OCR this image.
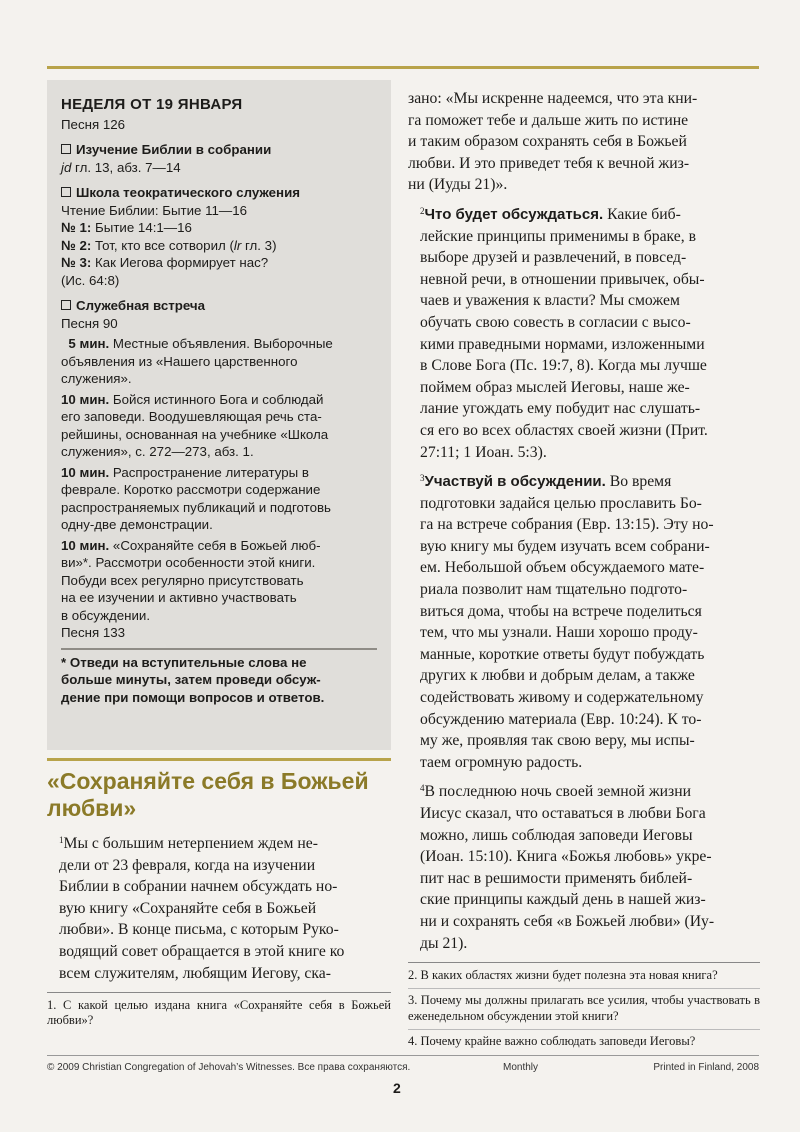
НЕДЕЛЯ ОТ 19 ЯНВАРЯ
Песня 126
Изучение Библии в собрании
jd гл. 13, абз. 7—14
Школа теократического служения
Чтение Библии: Бытие 11—16
№ 1: Бытие 14:1—16
№ 2: Тот, кто все сотворил (lr гл. 3)
№ 3: Как Иегова формирует нас?
(Ис. 64:8)
Служебная встреча
Песня 90
5 мин. Местные объявления. Выборочные
объявления из «Нашего царственного
служения».
10 мин. Бойся истинного Бога и соблюдай
его заповеди. Воодушевляющая речь ста-
рейшины, основанная на учебнике «Школа
служения», с. 272—273, абз. 1.
10 мин. Распространение литературы в
феврале. Коротко рассмотри содержание
распространяемых публикаций и подготовь
одну-две демонстрации.
10 мин. «Сохраняйте себя в Божьей люб-
ви»*. Рассмотри особенности этой книги.
Побуди всех регулярно присутствовать
на ее изучении и активно участвовать
в обсуждении.
Песня 133
* Отведи на вступительные слова не
больше минуты, затем проведи обсуж-
дение при помощи вопросов и ответов.
«Сохраняйте себя в Божьей любви»
$^1$Мы с большим нетерпением ждем не-
дели от 23 февраля, когда на изучении
Библии в собрании начнем обсуждать но-
вую книгу «Сохраняйте себя в Божьей
любви». В конце письма, с которым Руко-
водящий совет обращается в этой книге ко
всем служителям, любящим Иегову, ска-
1. С какой целью издана книга «Сохраняйте себя в Божьей любви»?
зано: «Мы искренне надеемся, что эта кни-
га поможет тебе и дальше жить по истине
и таким образом сохранять себя в Божьей
любви. И это приведет тебя к вечной жиз-
ни (Иуды 21)».
$^2$Что будет обсуждаться. Какие биб-
лейские принципы применимы в браке, в
выборе друзей и развлечений, в повсед-
невной речи, в отношении привычек, обы-
чаев и уважения к власти? Мы сможем
обучать свою совесть в согласии с высо-
кими праведными нормами, изложенными
в Слове Бога (Пс. 19:7, 8). Когда мы лучше
поймем образ мыслей Иеговы, наше же-
лание угождать ему побудит нас слушать-
ся его во всех областях своей жизни (Прит.
27:11; 1 Иоан. 5:3).
$^3$Участвуй в обсуждении. Во время
подготовки задайся целью прославить Бо-
га на встрече собрания (Евр. 13:15). Эту но-
вую книгу мы будем изучать всем собрани-
ем. Небольшой объем обсуждаемого мате-
риала позволит нам тщательно подгото-
виться дома, чтобы на встрече поделиться
тем, что мы узнали. Наши хорошо проду-
манные, короткие ответы будут побуждать
других к любви и добрым делам, а также
содействовать живому и содержательному
обсуждению материала (Евр. 10:24). К то-
му же, проявляя так свою веру, мы испы-
таем огромную радость.
$^4$В последнюю ночь своей земной жизни
Иисус сказал, что оставаться в любви Бога
можно, лишь соблюдая заповеди Иеговы
(Иоан. 15:10). Книга «Божья любовь» укре-
пит нас в решимости применять библей-
ские принципы каждый день в нашей жиз-
ни и сохранять себя «в Божьей любви» (Иу-
ды 21).
2. В каких областях жизни будет полезна эта новая книга?
3. Почему мы должны прилагать все усилия, чтобы участвовать в еженедельном обсуждении этой книги?
4. Почему крайне важно соблюдать заповеди Иеговы?
© 2009 Christian Congregation of Jehovah’s Witnesses. Все права сохраняются.	Monthly	Printed in Finland, 2008
2
